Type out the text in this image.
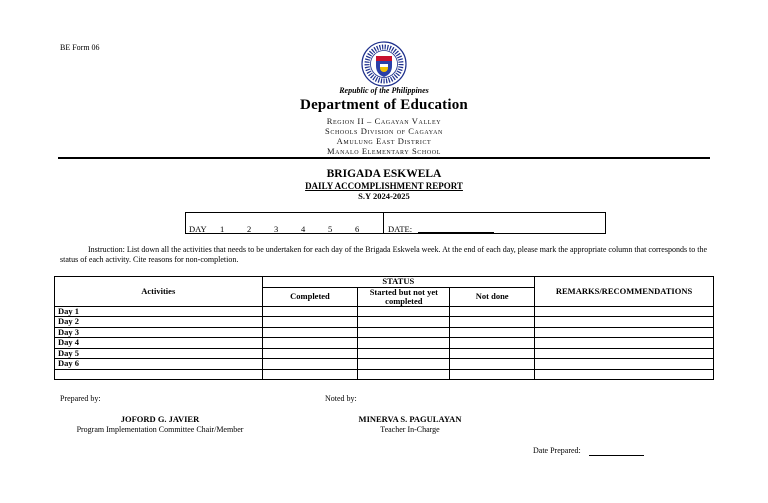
BE Form 06
Republic of the Philippines
Department of Education
Region II – Cagayan Valley
Schools Division of Cagayan
Amulung East District
Manalo Elementary School
BRIGADA ESKWELA
DAILY ACCOMPLISHMENT REPORT
S.Y 2024-2025
DAY 1	2	3	4	5	6	DATE:
Instruction: List down all the activities that needs to be undertaken for each day of the Brigada Eskwela week. At the end of each day, please mark the appropriate column that corresponds to the status of each activity. Cite reasons for non-completion.
Activities	STATUS			REMARKS/RECOMMENDATIONS
	Completed	Started but not yet completed	Not done	
Day 1				
Day 2				
Day 3				
Day 4				
Day 5				
Day 6				

Prepared by:
JOFORD G. JAVIER
Program Implementation Committee Chair/Member
Noted by:
MINERVA S. PAGULAYAN
Teacher In-Charge
Date Prepared:
